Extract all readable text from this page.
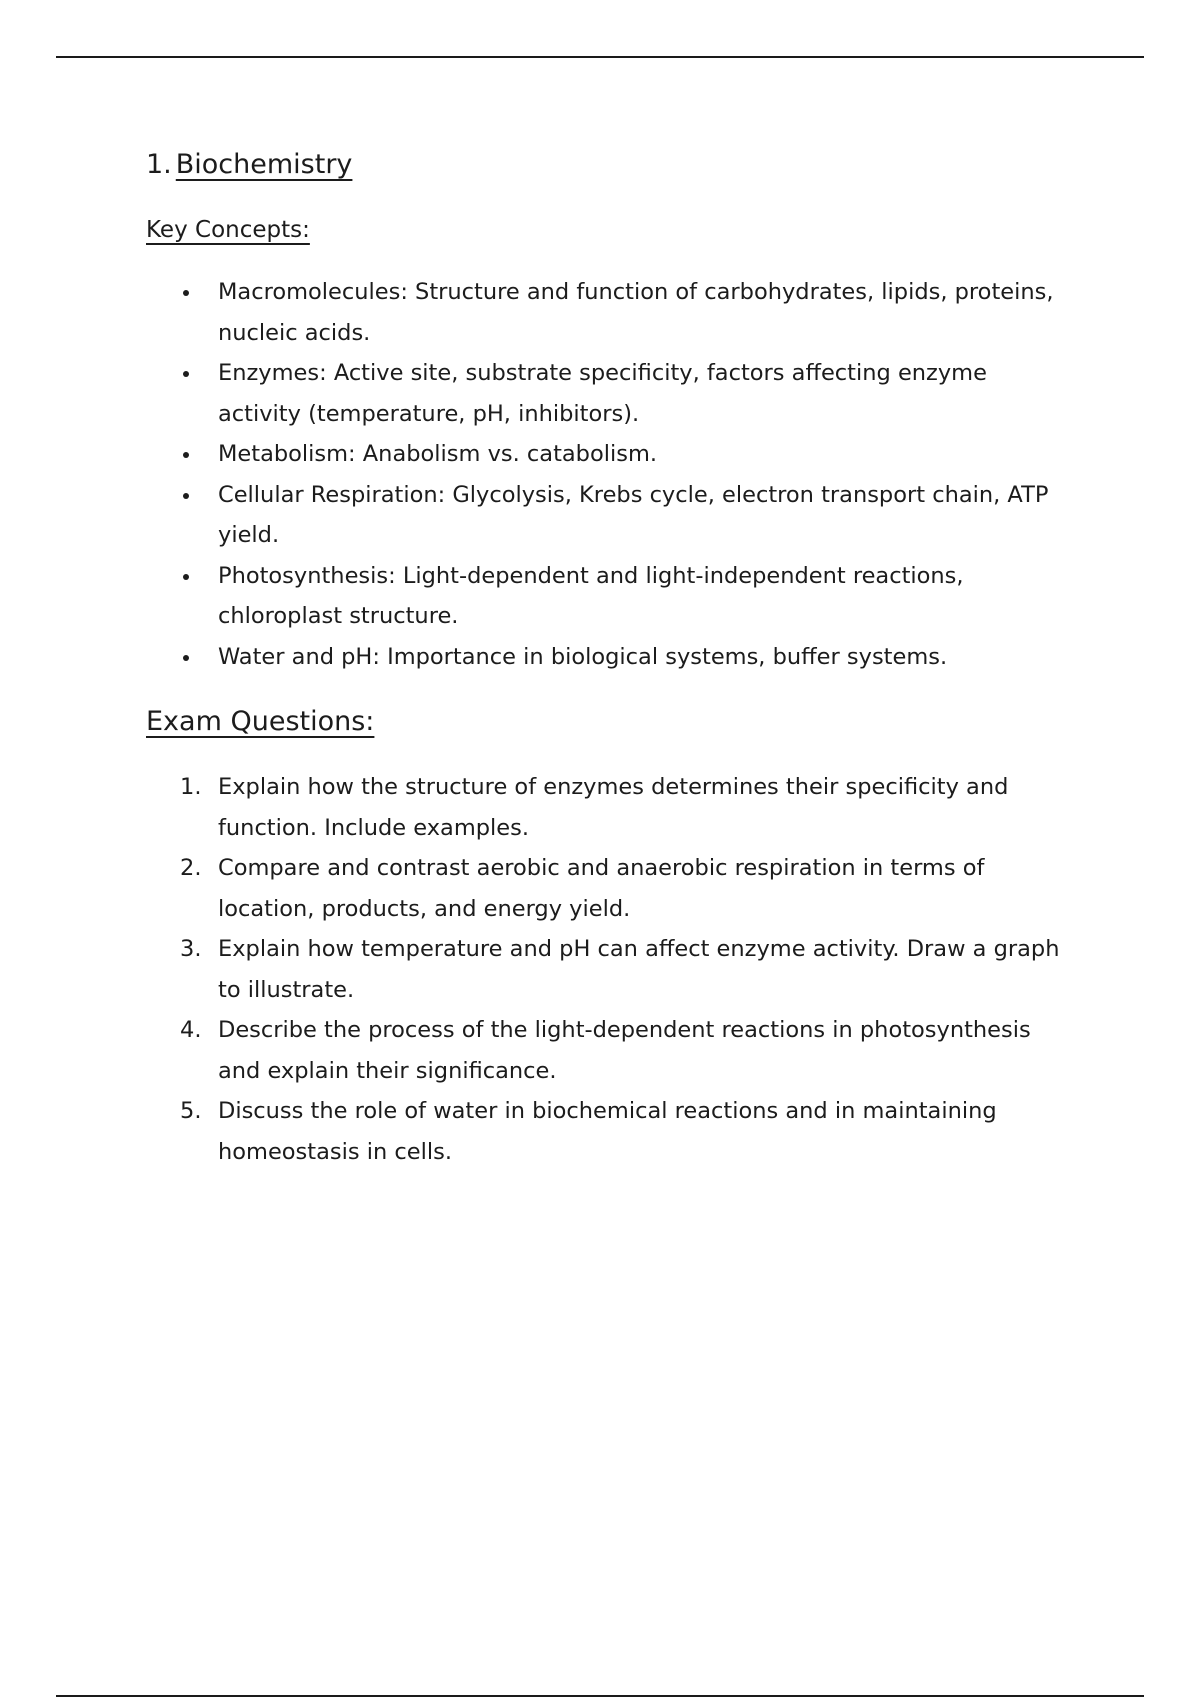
1. Biochemistry
Key Concepts:
Macromolecules: Structure and function of carbohydrates, lipids, proteins, nucleic acids.
Enzymes: Active site, substrate specificity, factors affecting enzyme activity (temperature, pH, inhibitors).
Metabolism: Anabolism vs. catabolism.
Cellular Respiration: Glycolysis, Krebs cycle, electron transport chain, ATP yield.
Photosynthesis: Light-dependent and light-independent reactions, chloroplast structure.
Water and pH: Importance in biological systems, buffer systems.
Exam Questions:
1. Explain how the structure of enzymes determines their specificity and function. Include examples.
2. Compare and contrast aerobic and anaerobic respiration in terms of location, products, and energy yield.
3. Explain how temperature and pH can affect enzyme activity. Draw a graph to illustrate.
4. Describe the process of the light-dependent reactions in photosynthesis and explain their significance.
5. Discuss the role of water in biochemical reactions and in maintaining homeostasis in cells.
